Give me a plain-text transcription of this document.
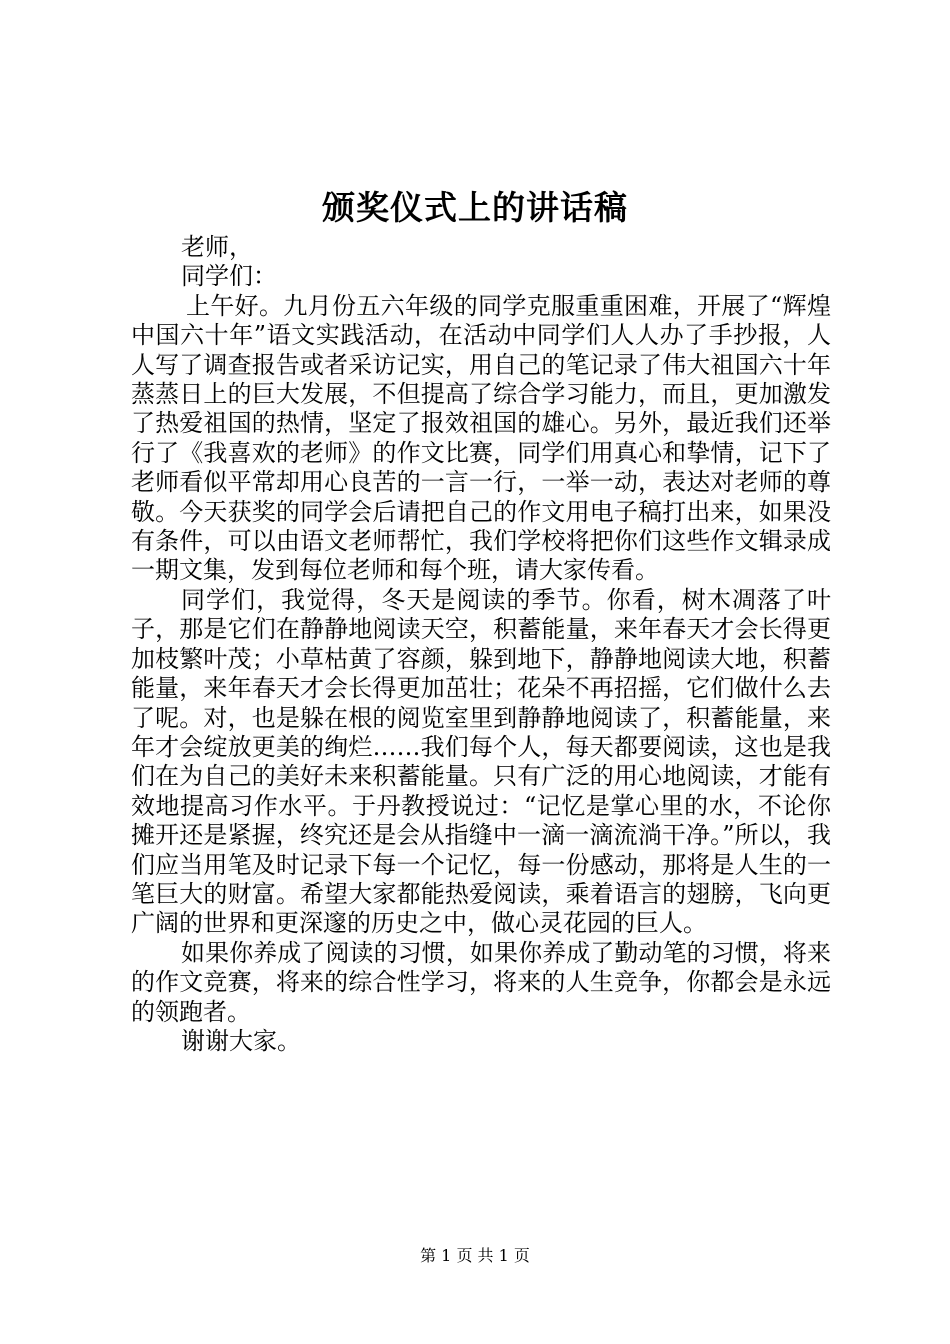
颁奖仪式上的讲话稿

老师，

同学们：

上午好。九月份五六年级的同学克服重重困难，开展了“辉煌中国六十年”语文实践活动，在活动中同学们人人办了手抄报，人人写了调查报告或者采访记实，用自己的笔记录了伟大祖国六十年蒸蒸日上的巨大发展，不但提高了综合学习能力，而且，更加激发了热爱祖国的热情，坚定了报效祖国的雄心。另外，最近我们还举行了《我喜欢的老师》的作文比赛，同学们用真心和挚情，记下了老师看似平常却用心良苦的一言一行，一举一动，表达对老师的尊敬。今天获奖的同学会后请把自己的作文用电子稿打出来，如果没有条件，可以由语文老师帮忙，我们学校将把你们这些作文辑录成一期文集，发到每位老师和每个班，请大家传看。

同学们，我觉得，冬天是阅读的季节。你看，树木凋落了叶子，那是它们在静静地阅读天空，积蓄能量，来年春天才会长得更加枝繁叶茂；小草枯黄了容颜，躲到地下，静静地阅读大地，积蓄能量，来年春天才会长得更加茁壮；花朵不再招摇，它们做什么去了呢。对，也是躲在根的阅览室里到静静地阅读了，积蓄能量，来年才会绽放更美的绚烂……我们每个人，每天都要阅读，这也是我们在为自己的美好未来积蓄能量。只有广泛的用心地阅读，才能有效地提高习作水平。于丹教授说过：“记忆是掌心里的水，不论你摊开还是紧握，终究还是会从指缝中一滴一滴流淌干净。”所以，我们应当用笔及时记录下每一个记忆，每一份感动，那将是人生的一笔巨大的财富。希望大家都能热爱阅读，乘着语言的翅膀，飞向更广阔的世界和更深邃的历史之中，做心灵花园的巨人。

如果你养成了阅读的习惯，如果你养成了勤动笔的习惯，将来的作文竞赛，将来的综合性学习，将来的人生竞争，你都会是永远的领跑者。

谢谢大家。

第 1 页 共 1 页
